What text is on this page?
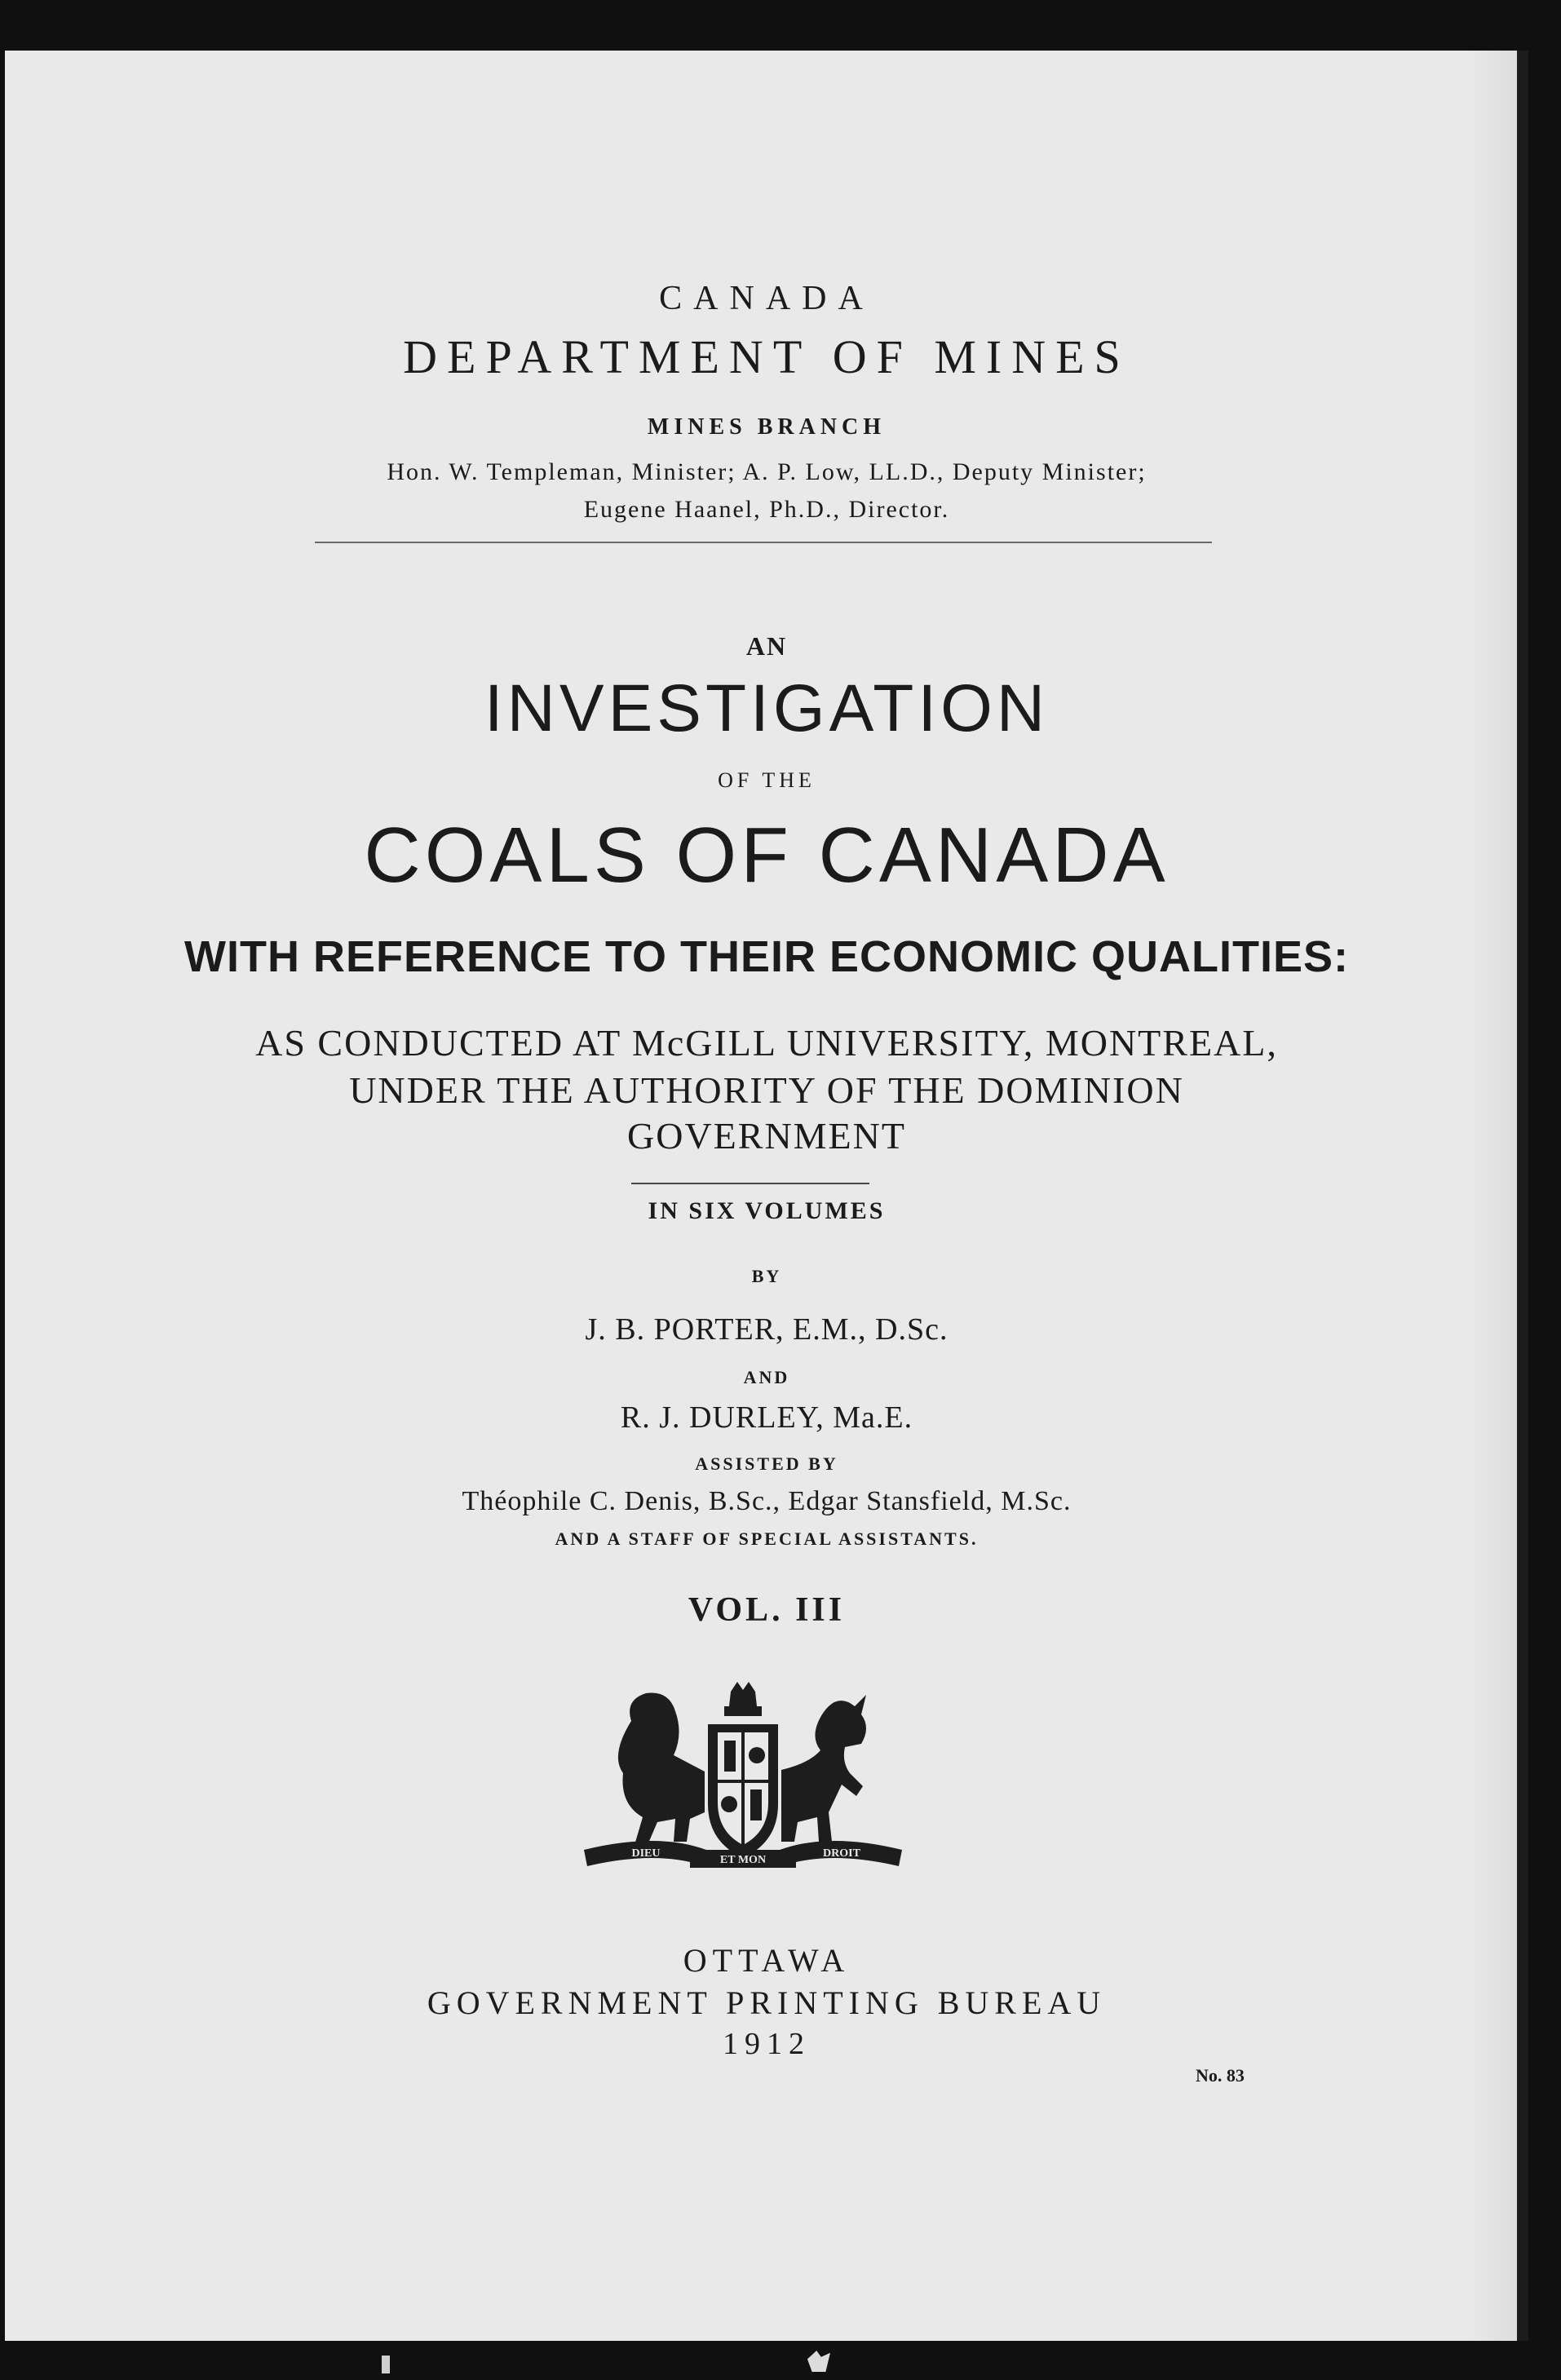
CANADA
DEPARTMENT OF MINES
MINES BRANCH
Hon. W. Templeman, Minister; A. P. Low, LL.D., Deputy Minister;
Eugene Haanel, Ph.D., Director.
AN
INVESTIGATION
OF THE
COALS OF CANADA
WITH REFERENCE TO THEIR ECONOMIC QUALITIES:
AS CONDUCTED AT McGILL UNIVERSITY, MONTREAL,
UNDER THE AUTHORITY OF THE DOMINION
GOVERNMENT
IN SIX VOLUMES
BY
J. B. PORTER, E.M., D.Sc.
AND
R. J. DURLEY, Ma.E.
ASSISTED BY
Théophile C. Denis, B.Sc., Edgar Stansfield, M.Sc.
AND A STAFF OF SPECIAL ASSISTANTS.
VOL. III
DIEU
ET MON
DROIT
OTTAWA
GOVERNMENT PRINTING BUREAU
1912
No. 83
